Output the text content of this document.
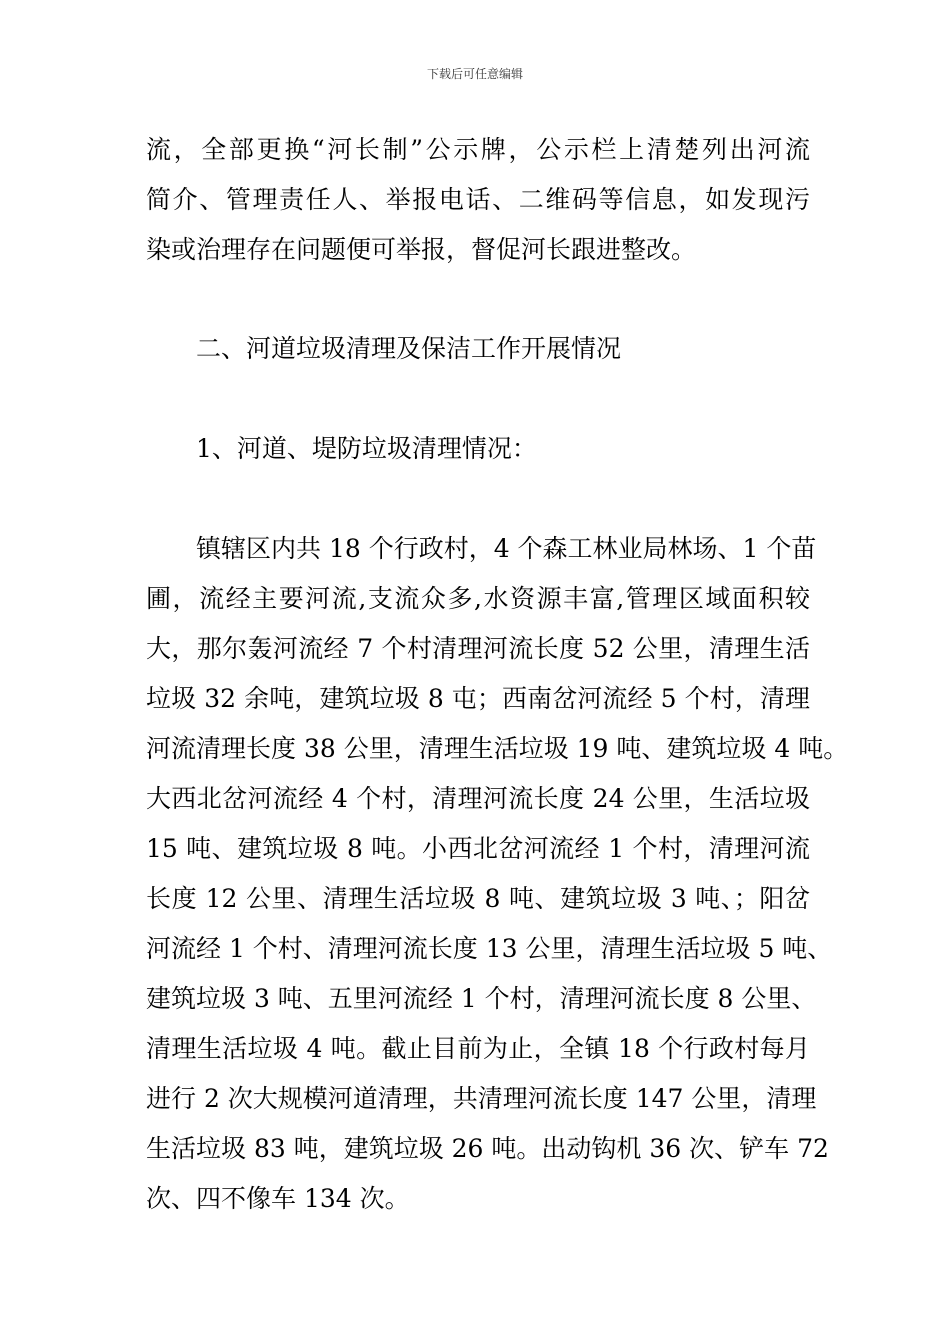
下载后可任意编辑
流，全部更换“河长制”公示牌，公示栏上清楚列出河流
简介、管理责任人、举报电话、二维码等信息，如发现污
染或治理存在问题便可举报，督促河长跟进整改。
　　二、河道垃圾清理及保洁工作开展情况
　　1、河道、堤防垃圾清理情况：
　　镇辖区内共 18 个行政村，4 个森工林业局林场、1 个苗
圃，流经主要河流,支流众多,水资源丰富,管理区域面积较
大，那尔轰河流经 7 个村清理河流长度 52 公里，清理生活
垃圾 32 余吨，建筑垃圾 8 屯；西南岔河流经 5 个村，清理
河流清理长度 38 公里，清理生活垃圾 19 吨、建筑垃圾 4 吨。
大西北岔河流经 4 个村，清理河流长度 24 公里，生活垃圾
15 吨、建筑垃圾 8 吨。小西北岔河流经 1 个村，清理河流
长度 12 公里、清理生活垃圾 8 吨、建筑垃圾 3 吨、；阳岔
河流经 1 个村、清理河流长度 13 公里，清理生活垃圾 5 吨、
建筑垃圾 3 吨、五里河流经 1 个村，清理河流长度 8 公里、
清理生活垃圾 4 吨。截止目前为止，全镇 18 个行政村每月
进行 2 次大规模河道清理，共清理河流长度 147 公里，清理
生活垃圾 83 吨，建筑垃圾 26 吨。出动钩机 36 次、铲车 72
次、四不像车 134 次。
